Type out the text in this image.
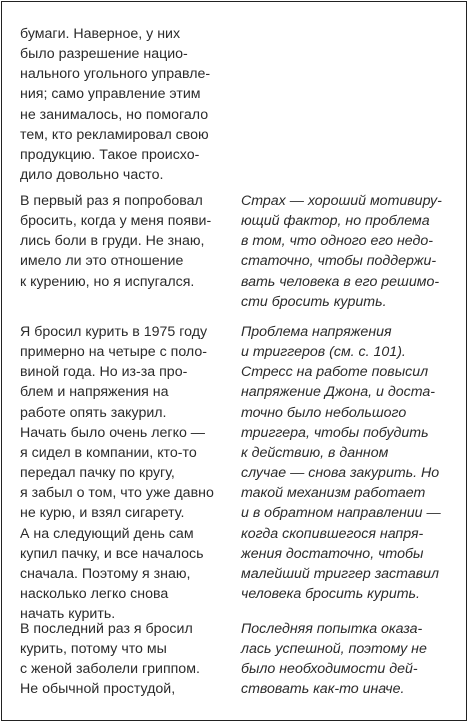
бумаги. Наверное, у них
было разрешение нацио-
нального угольного управле-
ния; само управление этим
не занималось, но помогало
тем, кто рекламировал свою
продукцию. Такое происхо-
дило довольно часто.
В первый раз я попробовал
бросить, когда у меня появи-
лись боли в груди. Не знаю,
имело ли это отношение
к курению, но я испугался.
Я бросил курить в 1975 году
примерно на четыре с поло-
виной года. Но из-за про-
блем и напряжения на
работе опять закурил.
Начать было очень легко —
я сидел в компании, кто-то
передал пачку по кругу,
я забыл о том, что уже давно
не курю, и взял сигарету.
А на следующий день сам
купил пачку, и все началось
сначала. Поэтому я знаю,
насколько легко снова
начать курить.
В последний раз я бросил
курить, потому что мы
с женой заболели гриппом.
Не обычной простудой,
Страх — хороший мотивиру-
ющий фактор, но проблема
в том, что одного его недо-
статочно, чтобы поддержи-
вать человека в его решимо-
сти бросить курить.
Проблема напряжения
и триггеров (см. с. 101).
Стресс на работе повысил
напряжение Джона, и доста-
точно было небольшого
триггера, чтобы побудить
к действию, в данном
случае — снова закурить. Но
такой механизм работает
и в обратном направлении —
когда скопившегося напря-
жения достаточно, чтобы
малейший триггер заставил
человека бросить курить.
Последняя попытка оказа-
лась успешной, поэтому не
было необходимости дей-
ствовать как-то иначе.
